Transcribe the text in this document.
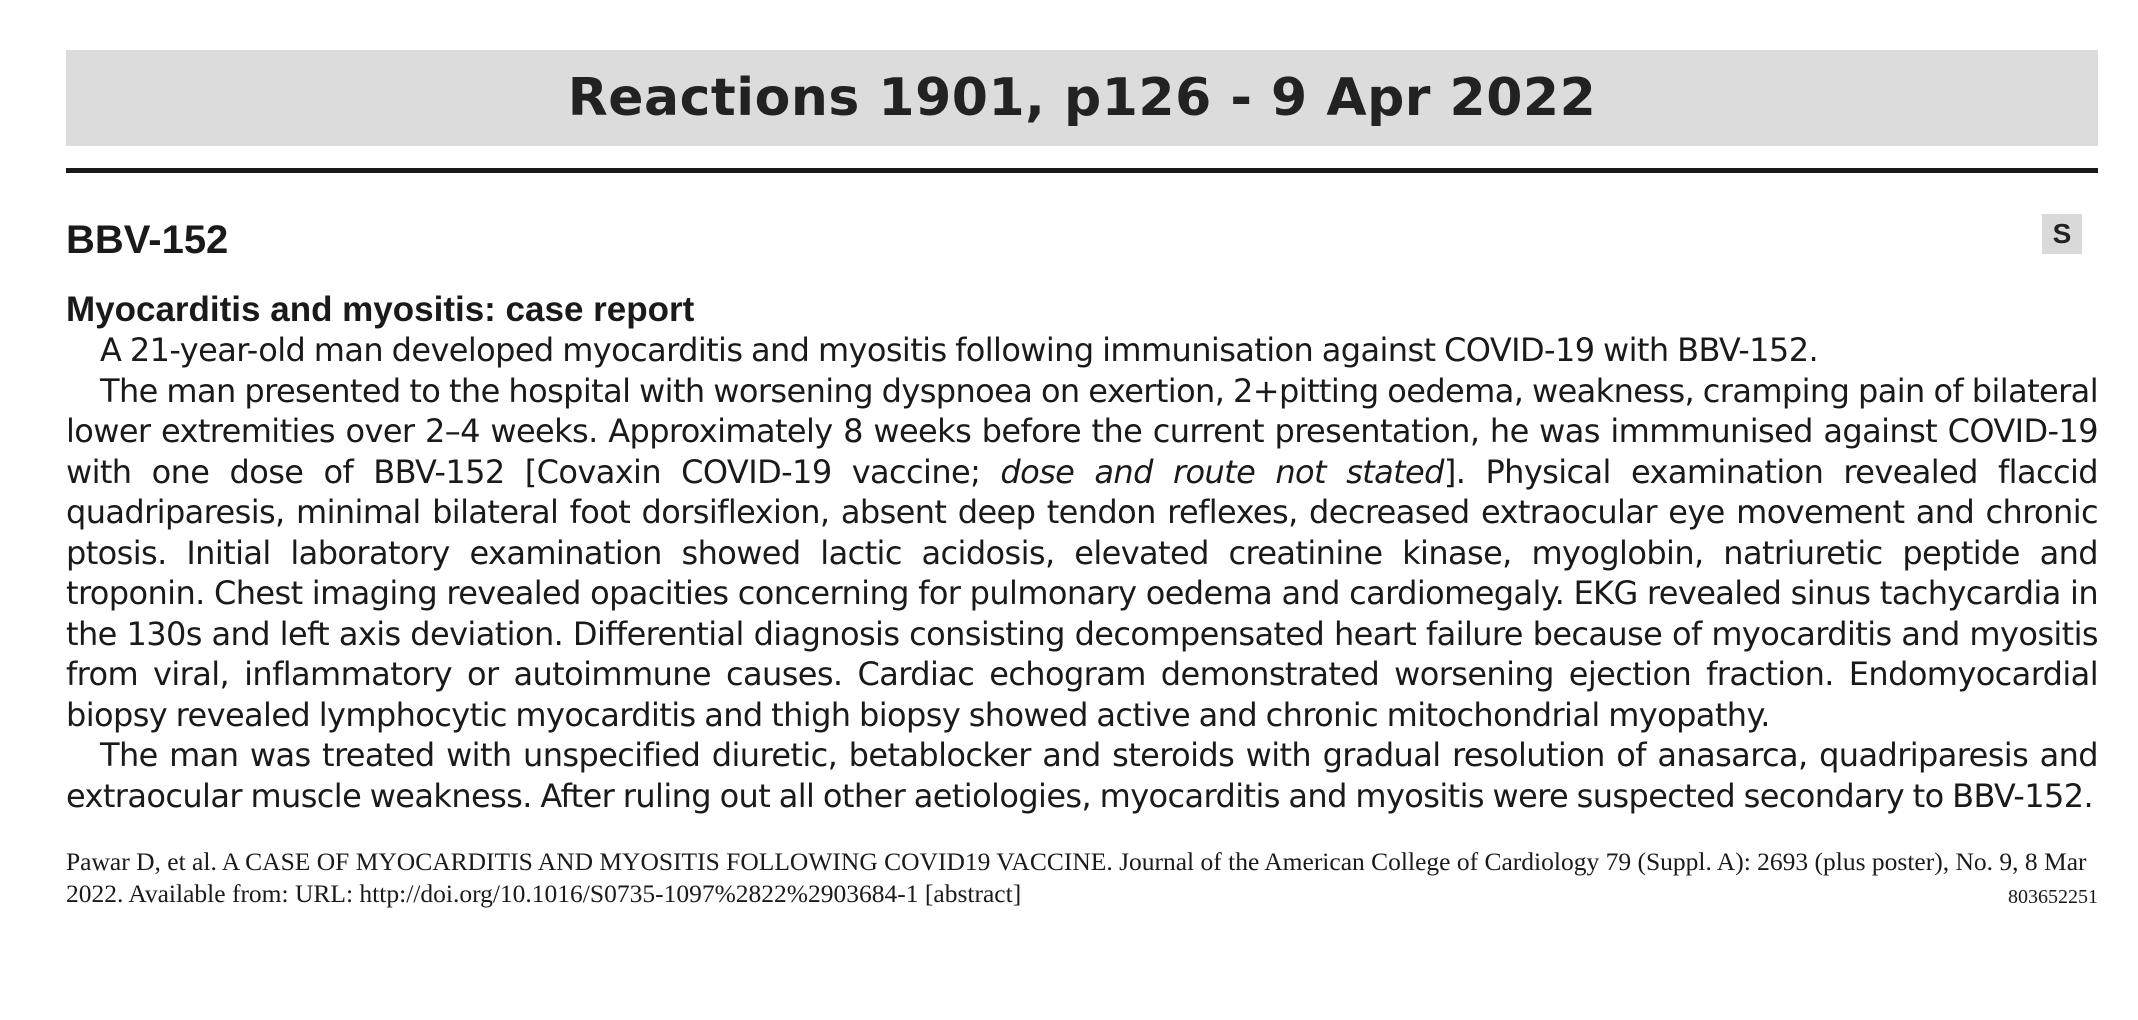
Reactions 1901, p126 - 9 Apr 2022
BBV-152	S
Myocarditis and myositis: case report

A 21-year-old man developed myocarditis and myositis following immunisation against COVID-19 with BBV-152.

The man presented to the hospital with worsening dyspnoea on exertion, 2+pitting oedema, weakness, cramping pain of bilateral lower extremities over 2–4 weeks. Approximately 8 weeks before the current presentation, he was immmunised against COVID-19 with one dose of BBV-152 [Covaxin COVID-19 vaccine; dose and route not stated]. Physical examination revealed flaccid quadriparesis, minimal bilateral foot dorsiflexion, absent deep tendon reflexes, decreased extraocular eye movement and chronic ptosis. Initial laboratory examination showed lactic acidosis, elevated creatinine kinase, myoglobin, natriuretic peptide and troponin. Chest imaging revealed opacities concerning for pulmonary oedema and cardiomegaly. EKG revealed sinus tachycardia in the 130s and left axis deviation. Differential diagnosis consisting decompensated heart failure because of myocarditis and myositis from viral, inflammatory or autoimmune causes. Cardiac echogram demonstrated worsening ejection fraction. Endomyocardial biopsy revealed lymphocytic myocarditis and thigh biopsy showed active and chronic mitochondrial myopathy.

The man was treated with unspecified diuretic, betablocker and steroids with gradual resolution of anasarca, quadriparesis and extraocular muscle weakness. After ruling out all other aetiologies, myocarditis and myositis were suspected secondary to BBV-152.

Pawar D, et al. A CASE OF MYOCARDITIS AND MYOSITIS FOLLOWING COVID19 VACCINE. Journal of the American College of Cardiology 79 (Suppl. A): 2693 (plus poster), No. 9, 8 Mar 2022. Available from: URL: http://doi.org/10.1016/S0735-1097%2822%2903684-1 [abstract]	803652251
